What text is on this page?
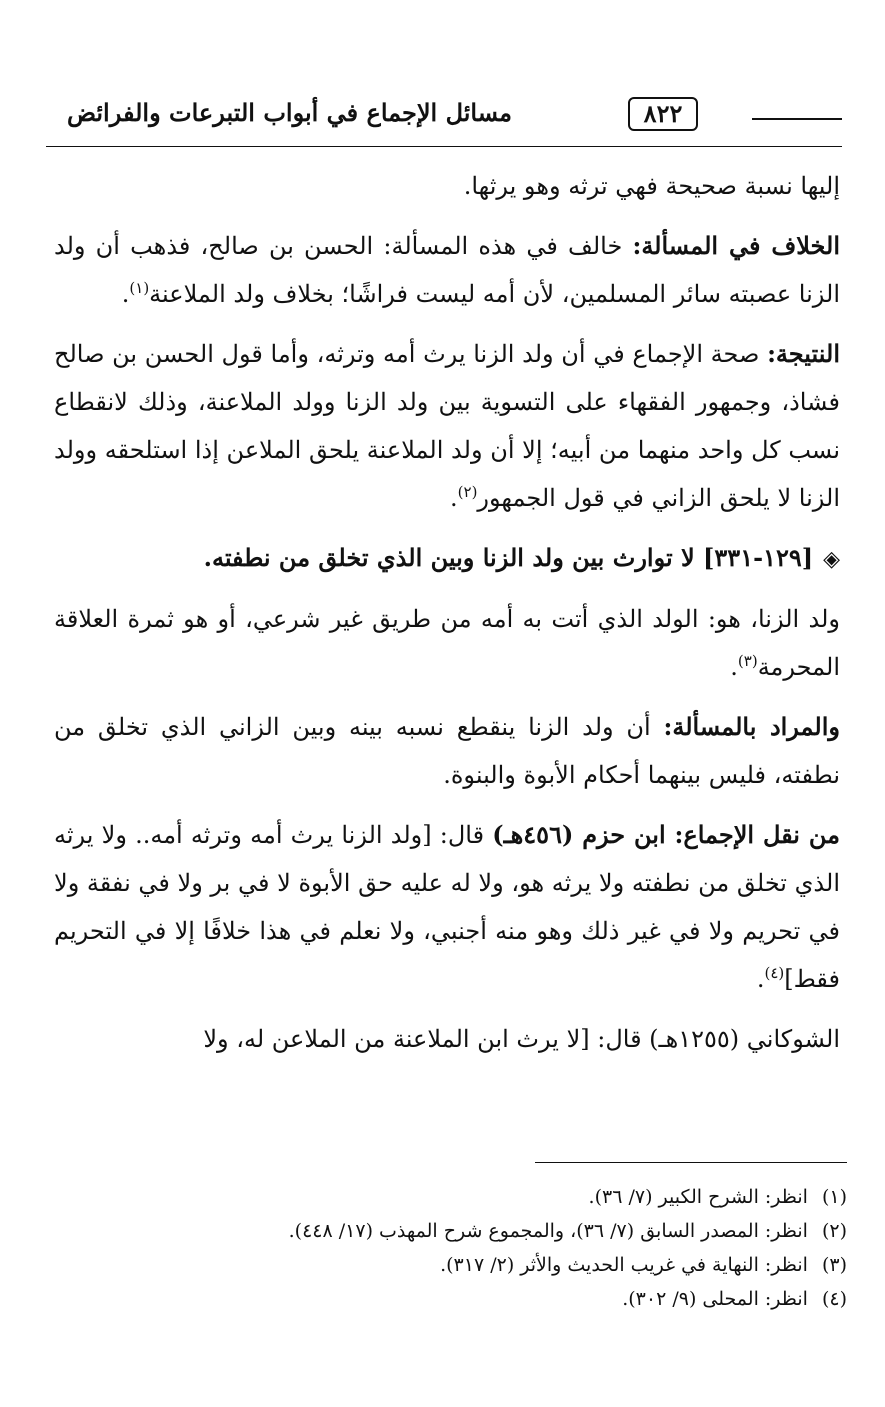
٨٢٢
مسائل الإجماع في أبواب التبرعات والفرائض

إليها نسبة صحيحة فهي ترثه وهو يرثها.

الخلاف في المسألة: خالف في هذه المسألة: الحسن بن صالح، فذهب أن ولد الزنا عصبته سائر المسلمين، لأن أمه ليست فراشًا؛ بخلاف ولد الملاعنة$^{(١)}$.

النتيجة: صحة الإجماع في أن ولد الزنا يرث أمه وترثه، وأما قول الحسن بن صالح فشاذ، وجمهور الفقهاء على التسوية بين ولد الزنا وولد الملاعنة، وذلك لانقطاع نسب كل واحد منهما من أبيه؛ إلا أن ولد الملاعنة يلحق الملاعن إذا استلحقه وولد الزنا لا يلحق الزاني في قول الجمهور$^{(٢)}$.

◈[١٢٩-٣٣١] لا توارث بين ولد الزنا وبين الذي تخلق من نطفته.

ولد الزنا، هو: الولد الذي أتت به أمه من طريق غير شرعي، أو هو ثمرة العلاقة المحرمة$^{(٣)}$.

والمراد بالمسألة: أن ولد الزنا ينقطع نسبه بينه وبين الزاني الذي تخلق من نطفته، فليس بينهما أحكام الأبوة والبنوة.

من نقل الإجماع: ابن حزم (٤٥٦هـ) قال: [ولد الزنا يرث أمه وترثه أمه.. ولا يرثه الذي تخلق من نطفته ولا يرثه هو، ولا له عليه حق الأبوة لا في بر ولا في نفقة ولا في تحريم ولا في غير ذلك وهو منه أجنبي، ولا نعلم في هذا خلافًا إلا في التحريم فقط]$^{(٤)}$.

الشوكاني (١٢٥٥هـ) قال: [لا يرث ابن الملاعنة من الملاعن له، ولا

(١)انظر: الشرح الكبير (٧/ ٣٦).
(٢)انظر: المصدر السابق (٧/ ٣٦)، والمجموع شرح المهذب (١٧/ ٤٤٨).
(٣)انظر: النهاية في غريب الحديث والأثر (٢/ ٣١٧).
(٤)انظر: المحلى (٩/ ٣٠٢).
